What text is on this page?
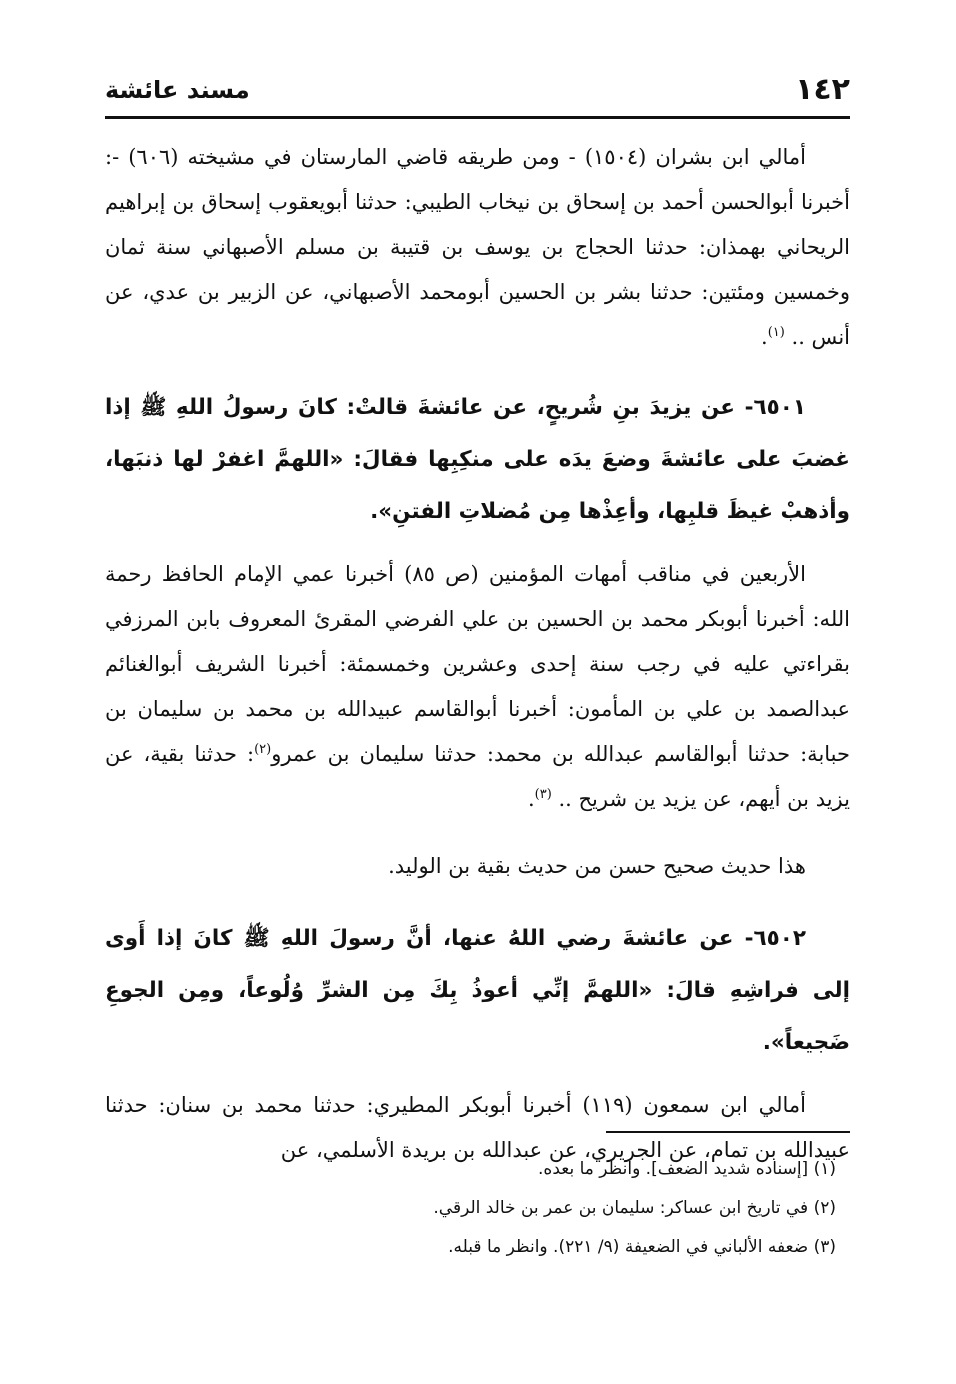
١٤٢
مسند عائشة

أمالي ابن بشران (١٥٠٤) - ومن طريقه قاضي المارستان في مشيخته (٦٠٦) -: أخبرنا أبوالحسن أحمد بن إسحاق بن نيخاب الطيبي: حدثنا أبويعقوب إسحاق بن إبراهيم الريحاني بهمذان: حدثنا الحجاج بن يوسف بن قتيبة بن مسلم الأصبهاني سنة ثمان وخمسين ومئتين: حدثنا بشر بن الحسين أبومحمد الأصبهاني، عن الزبير بن عدي، عن أنس .. $^{(١)}$.

٦٥٠١- عن يزيدَ بنِ شُريحٍ، عن عائشةَ قالتْ: كانَ رسولُ اللهِ ﷺ إذا غضبَ على عائشةَ وضعَ يدَه على منكِبِها فقالَ: «اللهمَّ اغفرْ لها ذنبَها، وأذهبْ غيظَ قلبِها، وأعِذْها مِن مُضلاتِ الفتنِ».

الأربعين في مناقب أمهات المؤمنين (ص ٨٥) أخبرنا عمي الإمام الحافظ رحمة الله: أخبرنا أبوبكر محمد بن الحسين بن علي الفرضي المقرئ المعروف بابن المرزفي بقراءتي عليه في رجب سنة إحدى وعشرين وخمسمئة: أخبرنا الشريف أبوالغنائم عبدالصمد بن علي بن المأمون: أخبرنا أبوالقاسم عبيدالله بن محمد بن سليمان بن حبابة: حدثنا أبوالقاسم عبدالله بن محمد: حدثنا سليمان بن عمرو$^{(٢)}$: حدثنا بقية، عن يزيد بن أيهم، عن يزيد ين شريح .. $^{(٣)}$.

هذا حديث صحيح حسن من حديث بقية بن الوليد.

٦٥٠٢- عن عائشةَ رضي اللهُ عنها، أنَّ رسولَ اللهِ ﷺ كانَ إذا أَوى إلى فراشِهِ قالَ: «اللهمَّ إنِّي أعوذُ بِكَ مِن الشرِّ وُلُوعاً، ومِن الجوعِ ضَجيعاً».

أمالي ابن سمعون (١١٩) أخبرنا أبوبكر المطيري: حدثنا محمد بن سنان: حدثنا عبيدالله بن تمام، عن الجريري، عن عبدالله بن بريدة الأسلمي، عن

(١) [إسناده شديد الضعف]. وانظر ما بعده.
(٢) في تاريخ ابن عساكر: سليمان بن عمر بن خالد الرقي.
(٣) ضعفه الألباني في الضعيفة (٩/ ٢٢١). وانظر ما قبله.
